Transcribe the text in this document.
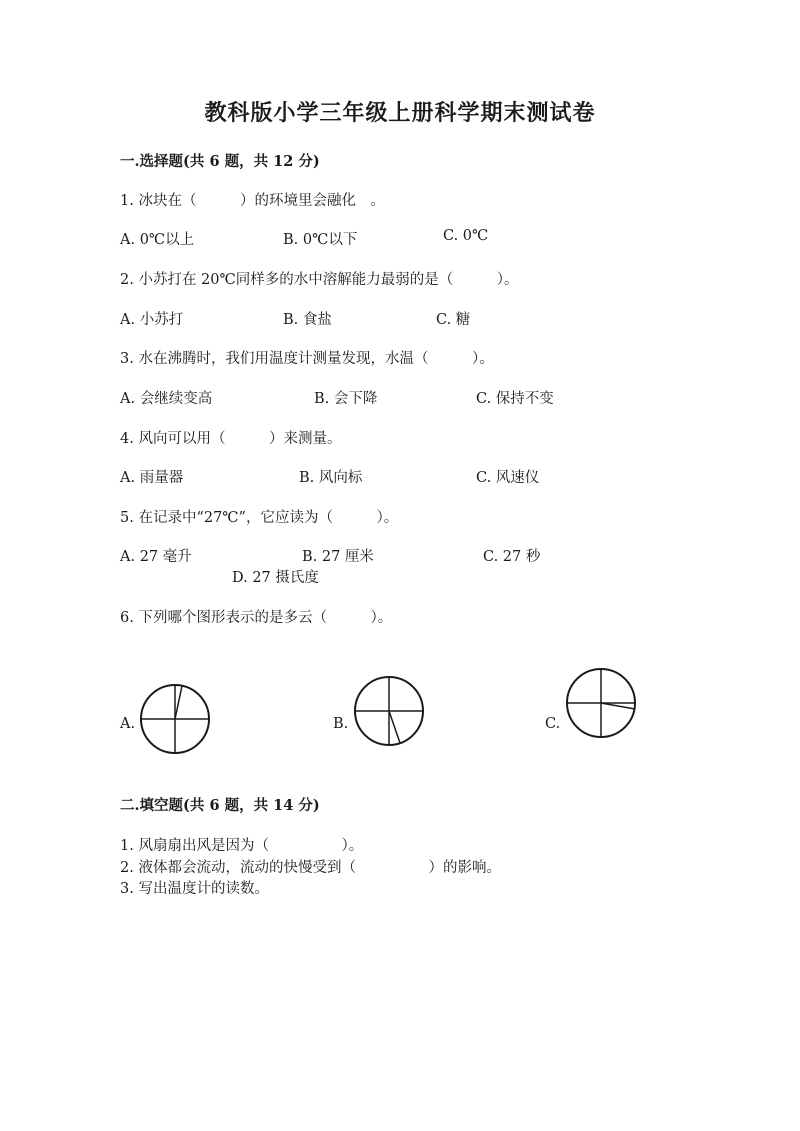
教科版小学三年级上册科学期末测试卷
一.选择题(共 6 题，共 12 分)
1. 冰块在（　　　）的环境里会融化　。
A. 0℃以上	B. 0℃以下	C. 0℃
2. 小苏打在 20℃同样多的水中溶解能力最弱的是（　　　）。
A. 小苏打	B. 食盐	C. 糖
3. 水在沸腾时，我们用温度计测量发现，水温（　　　）。
A. 会继续变高	B. 会下降	C. 保持不变
4. 风向可以用（　　　）来测量。
A. 雨量器	B. 风向标	C. 风速仪
5. 在记录中“27℃”，它应读为（　　　）。
A. 27 毫升	B. 27 厘米	C. 27 秒
D. 27 摄氏度
6. 下列哪个图形表示的是多云（　　　）。
A.	B.	C.
二.填空题(共 6 题，共 14 分)
1. 风扇扇出风是因为（　　　　　）。
2. 液体都会流动，流动的快慢受到（　　　　　）的影响。
3. 写出温度计的读数。
